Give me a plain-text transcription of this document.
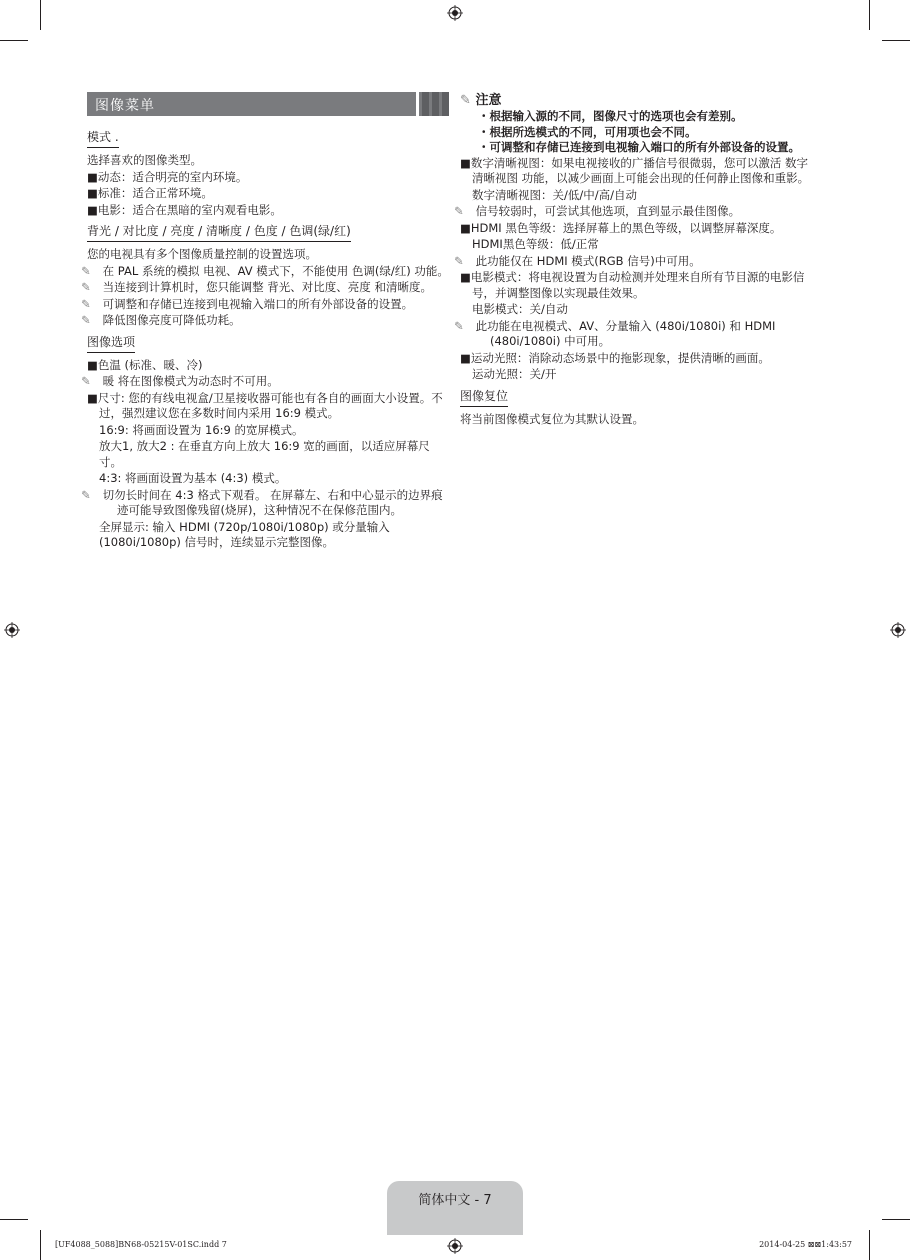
图像菜单
模式 .
选择喜欢的图像类型。
■动态：适合明亮的室内环境。
■标准：适合正常环境。
■电影：适合在黑暗的室内观看电影。
背光 / 对比度 / 亮度 / 清晰度 / 色度 / 色调(绿/红)
您的电视具有多个图像质量控制的设置选项。
✎ 在 PAL 系统的模拟 电视、AV 模式下，不能使用 色调(绿/红) 功能。
✎ 当连接到计算机时，您只能调整 背光、对比度、亮度 和清晰度。
✎ 可调整和存储已连接到电视输入端口的所有外部设备的设置。
✎ 降低图像亮度可降低功耗。
图像选项
■色温 (标准、暖、冷)
✎ 暖 将在图像模式为动态时不可用。
■尺寸: 您的有线电视盒/卫星接收器可能也有各自的画面大小设置。不过，强烈建议您在多数时间内采用 16:9 模式。
16:9: 将画面设置为 16:9 的宽屏模式。
放大1, 放大2 : 在垂直方向上放大 16:9 宽的画面，以适应屏幕尺寸。
4:3: 将画面设置为基本 (4:3) 模式。
✎ 切勿长时间在 4:3 格式下观看。 在屏幕左、右和中心显示的边界痕迹可能导致图像残留(烧屏)，这种情况不在保修范围内。
全屏显示: 输入 HDMI (720p/1080i/1080p) 或分量输入 (1080i/1080p) 信号时，连续显示完整图像。
✎ 注意
・根据输入源的不同，图像尺寸的选项也会有差别。
・根据所选模式的不同，可用项也会不同。
・可调整和存储已连接到电视输入端口的所有外部设备的设置。
■数字清晰视图：如果电视接收的广播信号很微弱，您可以激活 数字清晰视图 功能，以减少画面上可能会出现的任何静止图像和重影。
数字清晰视图：关/低/中/高/自动
✎ 信号较弱时，可尝试其他选项，直到显示最佳图像。
■HDMI 黑色等级：选择屏幕上的黑色等级，以调整屏幕深度。
HDMI黑色等级：低/正常
✎ 此功能仅在 HDMI 模式(RGB 信号)中可用。
■电影模式：将电视设置为自动检测并处理来自所有节目源的电影信号，并调整图像以实现最佳效果。
电影模式：关/自动
✎ 此功能在电视模式、AV、分量输入 (480i/1080i) 和 HDMI (480i/1080i) 中可用。
■运动光照：消除动态场景中的拖影现象，提供清晰的画面。
运动光照：关/开
图像复位
将当前图像模式复位为其默认设置。
简体中文 - 7
[UF4088_5088]BN68-05215V-01SC.indd 7	2014-04-25 ⊠⊠1:43:57
